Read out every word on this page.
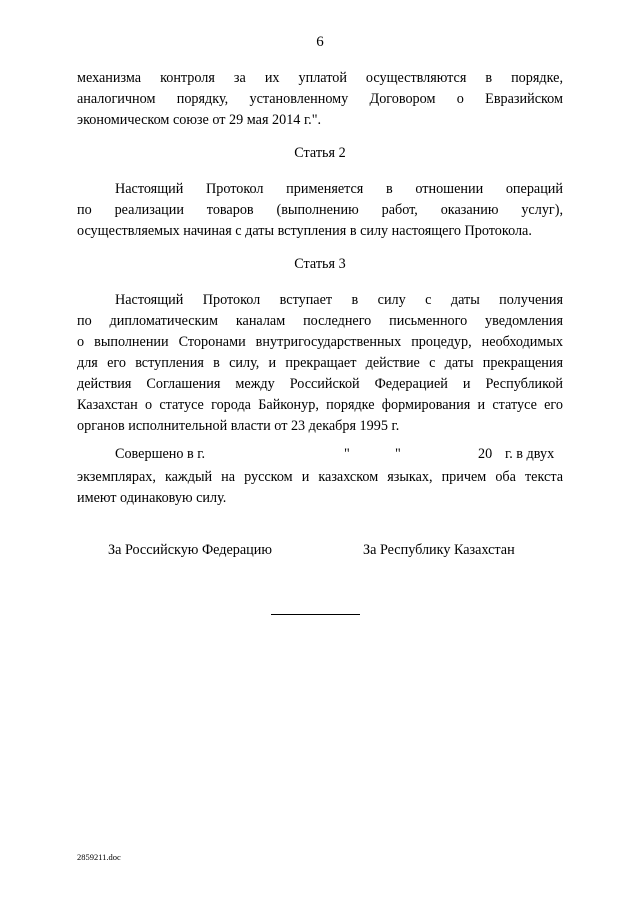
6
механизма контроля за их уплатой осуществляются в порядке,
аналогичном порядку, установленному Договором о Евразийском
экономическом союзе от 29 мая 2014 г.".
Статья 2
Настоящий Протокол применяется в отношении операций
по реализации товаров (выполнению работ, оказанию услуг),
осуществляемых начиная с даты вступления в силу настоящего Протокола.
Статья 3
Настоящий Протокол вступает в силу с даты получения
по дипломатическим каналам последнего письменного уведомления
о выполнении Сторонами внутригосударственных процедур, необходимых
для его вступления в силу, и прекращает действие с даты прекращения
действия Соглашения между Российской Федерацией и Республикой
Казахстан о статусе города Байконур, порядке формирования и статусе его
органов исполнительной власти от 23 декабря 1995 г.
Совершено в г.	"	"	20 г. в двух
экземплярах, каждый на русском и казахском языках, причем оба текста
имеют одинаковую силу.
За Российскую Федерацию	За Республику Казахстан
2859211.doc
